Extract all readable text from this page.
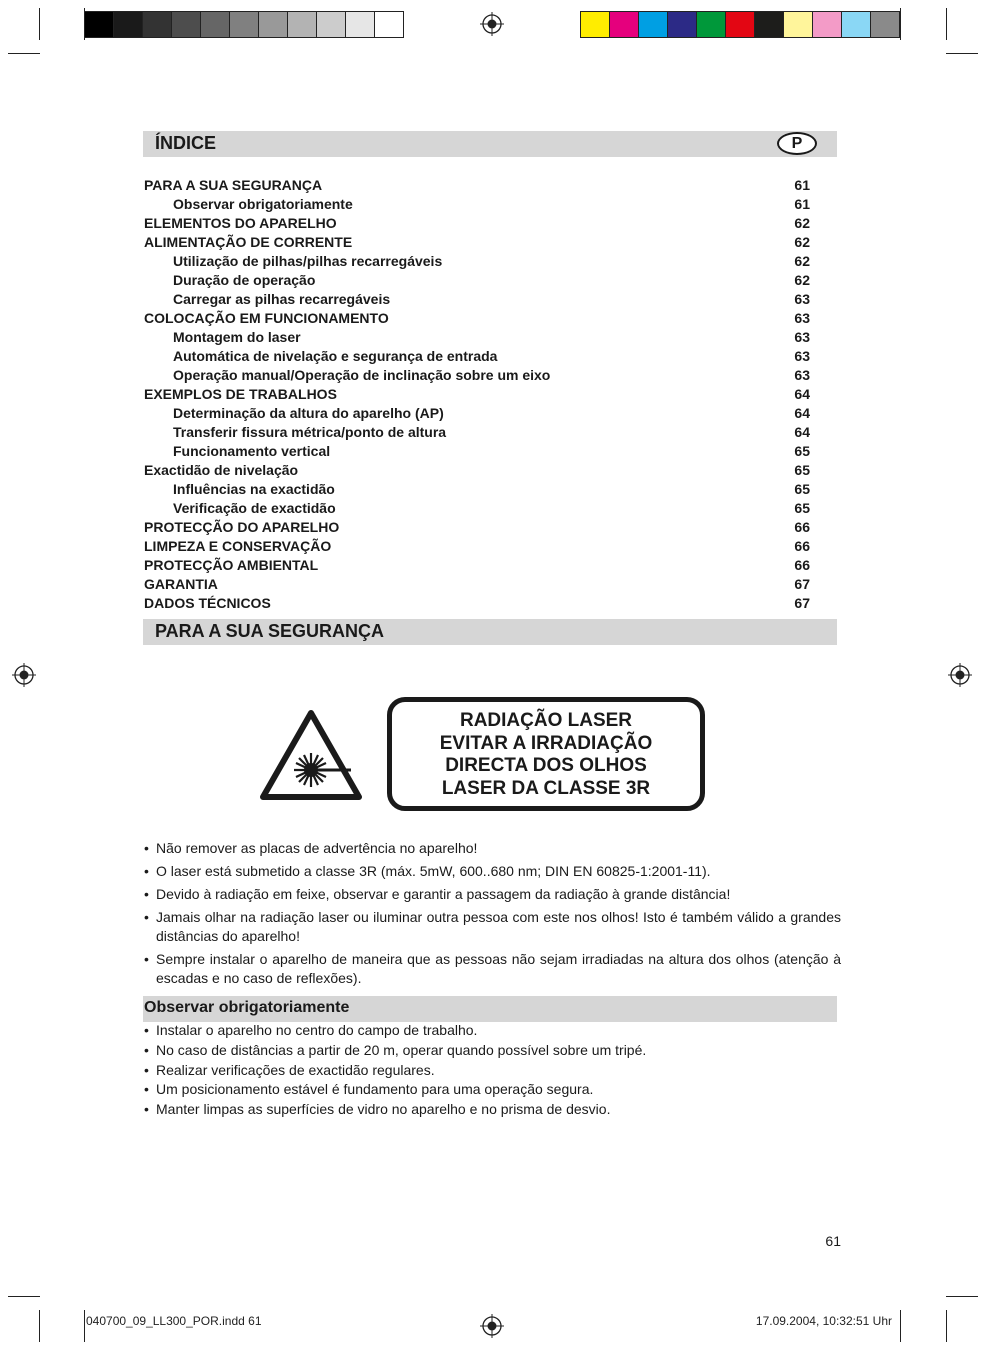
ÍNDICE	P
PARA A SUA SEGURANÇA	61
Observar obrigatoriamente	61
ELEMENTOS DO APARELHO	62
ALIMENTAÇÃO DE CORRENTE	62
Utilização de pilhas/pilhas recarregáveis	62
Duração de operação	62
Carregar as pilhas recarregáveis	63
COLOCAÇÃO EM FUNCIONAMENTO	63
Montagem do laser	63
Automática de nivelação e segurança de entrada	63
Operação manual/Operação de inclinação sobre um eixo	63
EXEMPLOS DE TRABALHOS	64
Determinação da altura do aparelho (AP)	64
Transferir fissura métrica/ponto de altura	64
Funcionamento vertical	65
Exactidão de nivelação	65
Influências na exactidão	65
Verificação de exactidão	65
PROTECÇÃO DO APARELHO	66
LIMPEZA E CONSERVAÇÃO	66
PROTECÇÃO AMBIENTAL	66
GARANTIA	67
DADOS TÉCNICOS	67
PARA A SUA SEGURANÇA
RADIAÇÃO LASER
EVITAR A IRRADIAÇÃO
DIRECTA DOS OLHOS
LASER DA CLASSE 3R
• Não remover as placas de advertência no aparelho!
• O laser está submetido a classe 3R (máx. 5mW, 600..680 nm; DIN EN 60825-1:2001-11).
• Devido à radiação em feixe, observar e garantir a passagem da radiação à grande distância!
• Jamais olhar na radiação laser ou iluminar outra pessoa com este nos olhos! Isto é também válido a grandes distâncias do aparelho!
• Sempre instalar o aparelho de maneira que as pessoas não sejam irradiadas na altura dos olhos (atenção à escadas e no caso de reflexões).
Observar obrigatoriamente
• Instalar o aparelho no centro do campo de trabalho.
• No caso de distâncias a partir de 20 m, operar quando possível sobre um tripé.
• Realizar verificações de exactidão regulares.
• Um posicionamento estável é fundamento para uma operação segura.
• Manter limpas as superfícies de vidro no aparelho e no prisma de desvio.
61
040700_09_LL300_POR.indd 61	17.09.2004, 10:32:51 Uhr
